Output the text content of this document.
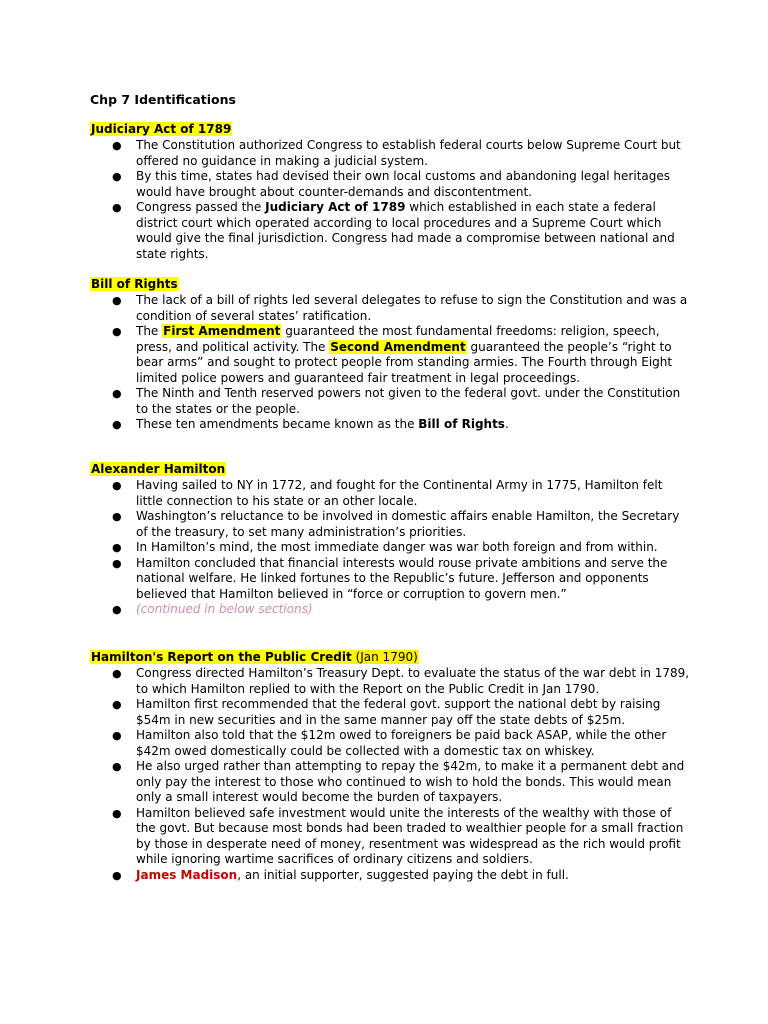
Chp 7 Identifications
Judiciary Act of 1789
● The Constitution authorized Congress to establish federal courts below Supreme Court but offered no guidance in making a judicial system.
● By this time, states had devised their own local customs and abandoning legal heritages would have brought about counter-demands and discontentment.
● Congress passed the Judiciary Act of 1789 which established in each state a federal district court which operated according to local procedures and a Supreme Court which would give the final jurisdiction. Congress had made a compromise between national and state rights.
Bill of Rights
● The lack of a bill of rights led several delegates to refuse to sign the Constitution and was a condition of several states’ ratification.
● The First Amendment guaranteed the most fundamental freedoms: religion, speech, press, and political activity. The Second Amendment guaranteed the people’s “right to bear arms” and sought to protect people from standing armies. The Fourth through Eight limited police powers and guaranteed fair treatment in legal proceedings.
● The Ninth and Tenth reserved powers not given to the federal govt. under the Constitution to the states or the people.
● These ten amendments became known as the Bill of Rights.
Alexander Hamilton
● Having sailed to NY in 1772, and fought for the Continental Army in 1775, Hamilton felt little connection to his state or an other locale.
● Washington’s reluctance to be involved in domestic affairs enable Hamilton, the Secretary of the treasury, to set many administration’s priorities.
● In Hamilton’s mind, the most immediate danger was war both foreign and from within.
● Hamilton concluded that financial interests would rouse private ambitions and serve the national welfare. He linked fortunes to the Republic’s future. Jefferson and opponents believed that Hamilton believed in “force or corruption to govern men.”
● (continued in below sections)
Hamilton's Report on the Public Credit (Jan 1790)
● Congress directed Hamilton’s Treasury Dept. to evaluate the status of the war debt in 1789, to which Hamilton replied to with the Report on the Public Credit in Jan 1790.
● Hamilton first recommended that the federal govt. support the national debt by raising $54m in new securities and in the same manner pay off the state debts of $25m.
● Hamilton also told that the $12m owed to foreigners be paid back ASAP, while the other $42m owed domestically could be collected with a domestic tax on whiskey.
● He also urged rather than attempting to repay the $42m, to make it a permanent debt and only pay the interest to those who continued to wish to hold the bonds. This would mean only a small interest would become the burden of taxpayers.
● Hamilton believed safe investment would unite the interests of the wealthy with those of the govt. But because most bonds had been traded to wealthier people for a small fraction by those in desperate need of money, resentment was widespread as the rich would profit while ignoring wartime sacrifices of ordinary citizens and soldiers.
● James Madison, an initial supporter, suggested paying the debt in full.
